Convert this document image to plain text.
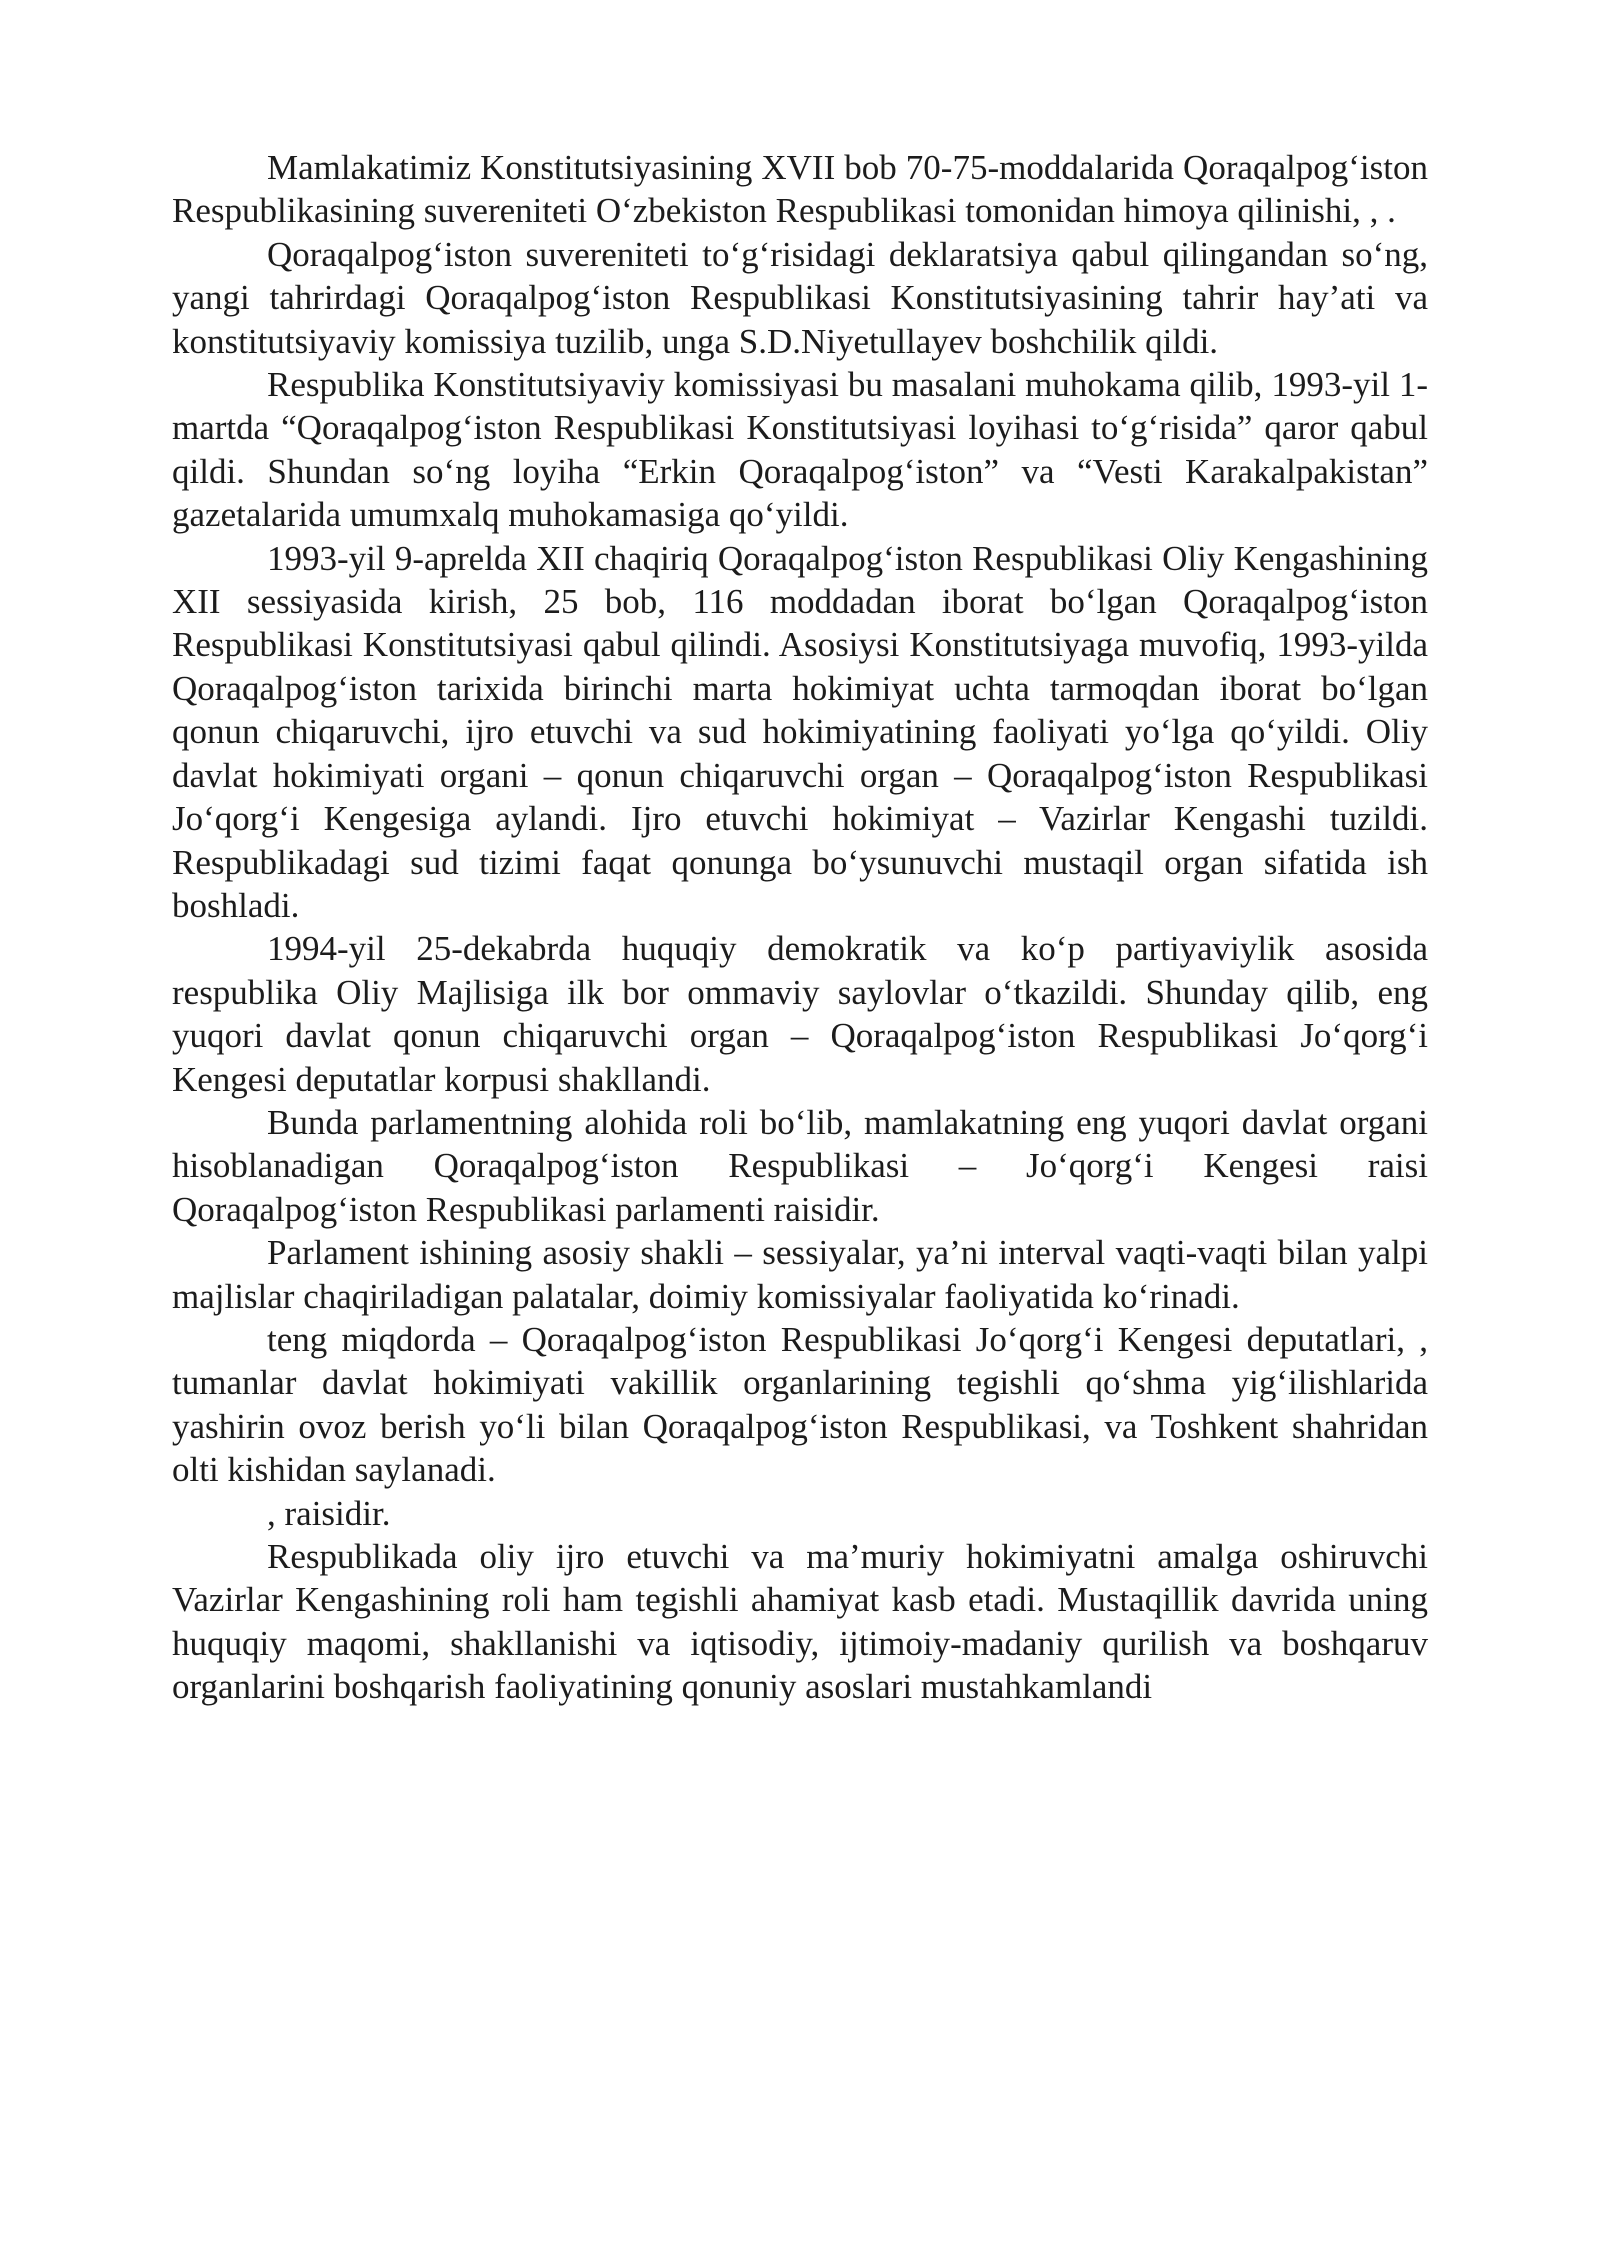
Mamlakatimiz Konstitutsiyasining XVII bob 70-75-moddalarida Qoraqalpog‘iston Respublikasining suvereniteti O‘zbekiston Respublikasi tomonidan himoya qilinishi, , .

Qoraqalpog‘iston suvereniteti to‘g‘risidagi deklaratsiya qabul qilingandan so‘ng, yangi tahrirdagi Qoraqalpog‘iston Respublikasi Konstitutsiyasining tahrir hay’ati va konstitutsiyaviy komissiya tuzilib, unga S.D.Niyetullayev boshchilik qildi.

Respublika Konstitutsiyaviy komissiyasi bu masalani muhokama qilib, 1993-yil 1-martda “Qoraqalpog‘iston Respublikasi Konstitutsiyasi loyihasi to‘g‘risida” qaror qabul qildi. Shundan so‘ng loyiha “Erkin Qoraqalpog‘iston” va “Vesti Karakalpakistan” gazetalarida umumxalq muhokamasiga qo‘yildi.

1993-yil 9-aprelda XII chaqiriq Qoraqalpog‘iston Respublikasi Oliy Kengashining XII sessiyasida kirish, 25 bob, 116 moddadan iborat bo‘lgan Qoraqalpog‘iston Respublikasi Konstitutsiyasi qabul qilindi. Asosiysi Konstitutsiyaga muvofiq, 1993-yilda Qoraqalpog‘iston tarixida birinchi marta hokimiyat uchta tarmoqdan iborat bo‘lgan qonun chiqaruvchi, ijro etuvchi va sud hokimiyatining faoliyati yo‘lga qo‘yildi. Oliy davlat hokimiyati organi – qonun chiqaruvchi organ – Qoraqalpog‘iston Respublikasi Jo‘qorg‘i Kengesiga aylandi. Ijro etuvchi hokimiyat – Vazirlar Kengashi tuzildi. Respublikadagi sud tizimi faqat qonunga bo‘ysunuvchi mustaqil organ sifatida ish boshladi.

1994-yil 25-dekabrda huquqiy demokratik va ko‘p partiyaviylik asosida respublika Oliy Majlisiga ilk bor ommaviy saylovlar o‘tkazildi. Shunday qilib, eng yuqori davlat qonun chiqaruvchi organ – Qoraqalpog‘iston Respublikasi Jo‘qorg‘i Kengesi deputatlar korpusi shakllandi.

Bunda parlamentning alohida roli bo‘lib, mamlakatning eng yuqori davlat organi hisoblanadigan Qoraqalpog‘iston Respublikasi – Jo‘qorg‘i Kengesi raisi Qoraqalpog‘iston Respublikasi parlamenti raisidir.

Parlament ishining asosiy shakli – sessiyalar, ya’ni interval vaqti-vaqti bilan yalpi majlislar chaqiriladigan palatalar, doimiy komissiyalar faoliyatida ko‘rinadi.

teng miqdorda – Qoraqalpog‘iston Respublikasi Jo‘qorg‘i Kengesi deputatlari, , tumanlar davlat hokimiyati vakillik organlarining tegishli qo‘shma yig‘ilishlarida yashirin ovoz berish yo‘li bilan Qoraqalpog‘iston Respublikasi, va Toshkent shahridan olti kishidan saylanadi.

, raisidir.

Respublikada oliy ijro etuvchi va ma’muriy hokimiyatni amalga oshiruvchi Vazirlar Kengashining roli ham tegishli ahamiyat kasb etadi. Mustaqillik davrida uning huquqiy maqomi, shakllanishi va iqtisodiy, ijtimoiy-madaniy qurilish va boshqaruv organlarini boshqarish faoliyatining qonuniy asoslari mustahkamlandi
